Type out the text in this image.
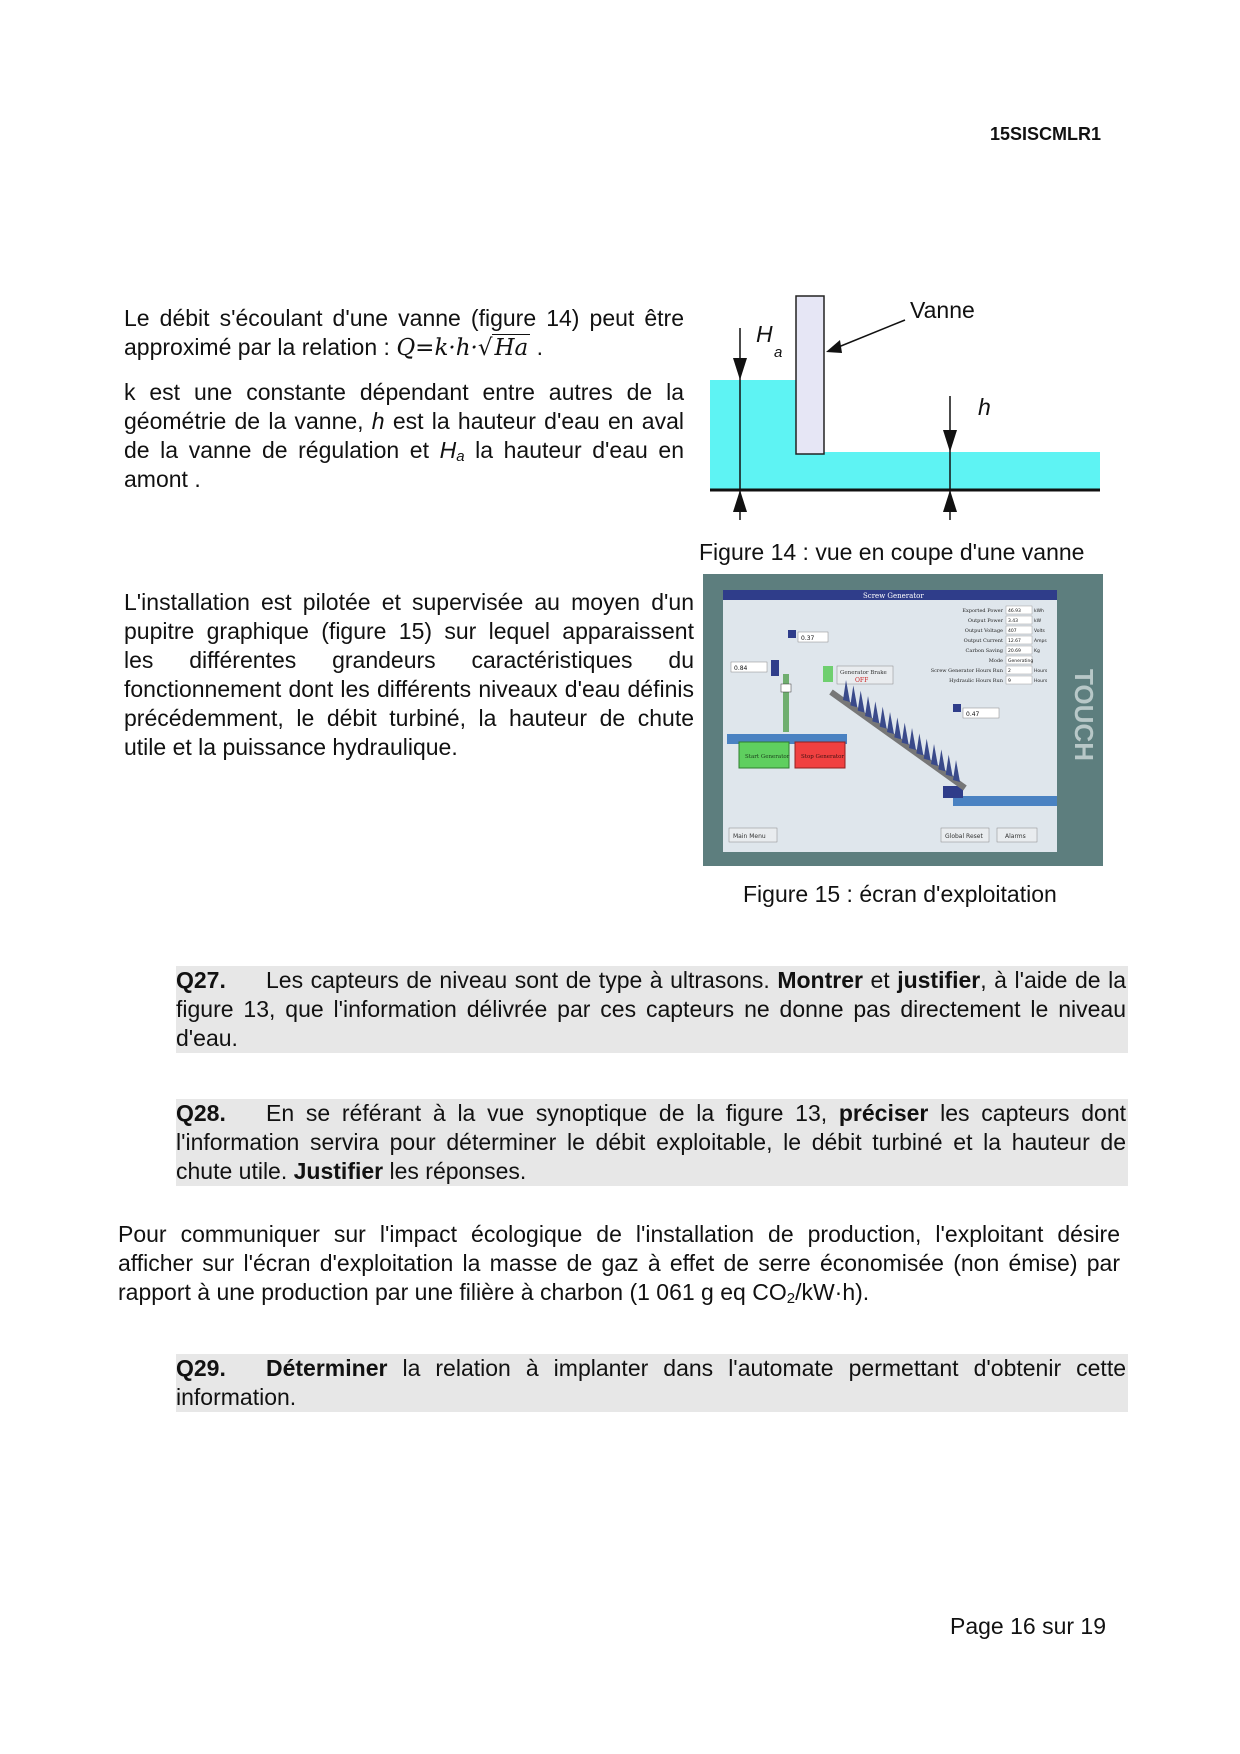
15SISCMLR1
Le débit s'écoulant d'une vanne (figure 14) peut être approximé par la relation : Q=k·h·√Ha .
k est une constante dépendant entre autres de la géométrie de la vanne, h est la hauteur d'eau en aval de la vanne de régulation et $H_a$ la hauteur d'eau en amont .
Vanne
H
a
h
Figure 14 : vue en coupe d'une vanne
L'installation est pilotée et supervisée au moyen d'un pupitre graphique (figure 15) sur lequel apparaissent les différentes grandeurs caractéristiques du fonctionnement dont les différents niveaux d'eau définis précédemment, le débit turbiné, la hauteur de chute utile et la puissance hydraulique.
Screw Generator
TOUCH
Exported Power 46.93	kWh
Output Power 3.43	kW
Output Voltage 407	Volts
Output Current 12.67	Amps
Carbon Saving 20.69	Kg
Mode Generating
Screw Generator Hours Run 2	Hours
Hydraulic Hours Run 9	Hours
0.37
0.84
0.47
Generator Brake
OFF
Start Generator Stop Generator
Main Menu	Global Reset	Alarms
Figure 15 : écran d'exploitation
Q27. Les capteurs de niveau sont de type à ultrasons. Montrer et justifier, à l'aide de la figure 13, que l'information délivrée par ces capteurs ne donne pas directement le niveau d'eau.
Q28. En se référant à la vue synoptique de la figure 13, préciser les capteurs dont l'information servira pour déterminer le débit exploitable, le débit turbiné et la hauteur de chute utile. Justifier les réponses.
Pour communiquer sur l'impact écologique de l'installation de production, l'exploitant désire afficher sur l'écran d'exploitation la masse de gaz à effet de serre économisée (non émise) par rapport à une production par une filière à charbon (1 061 g eq $CO_2/kW\cdot h$).
Q29. Déterminer la relation à implanter dans l'automate permettant d'obtenir cette information.
Page 16 sur 19
